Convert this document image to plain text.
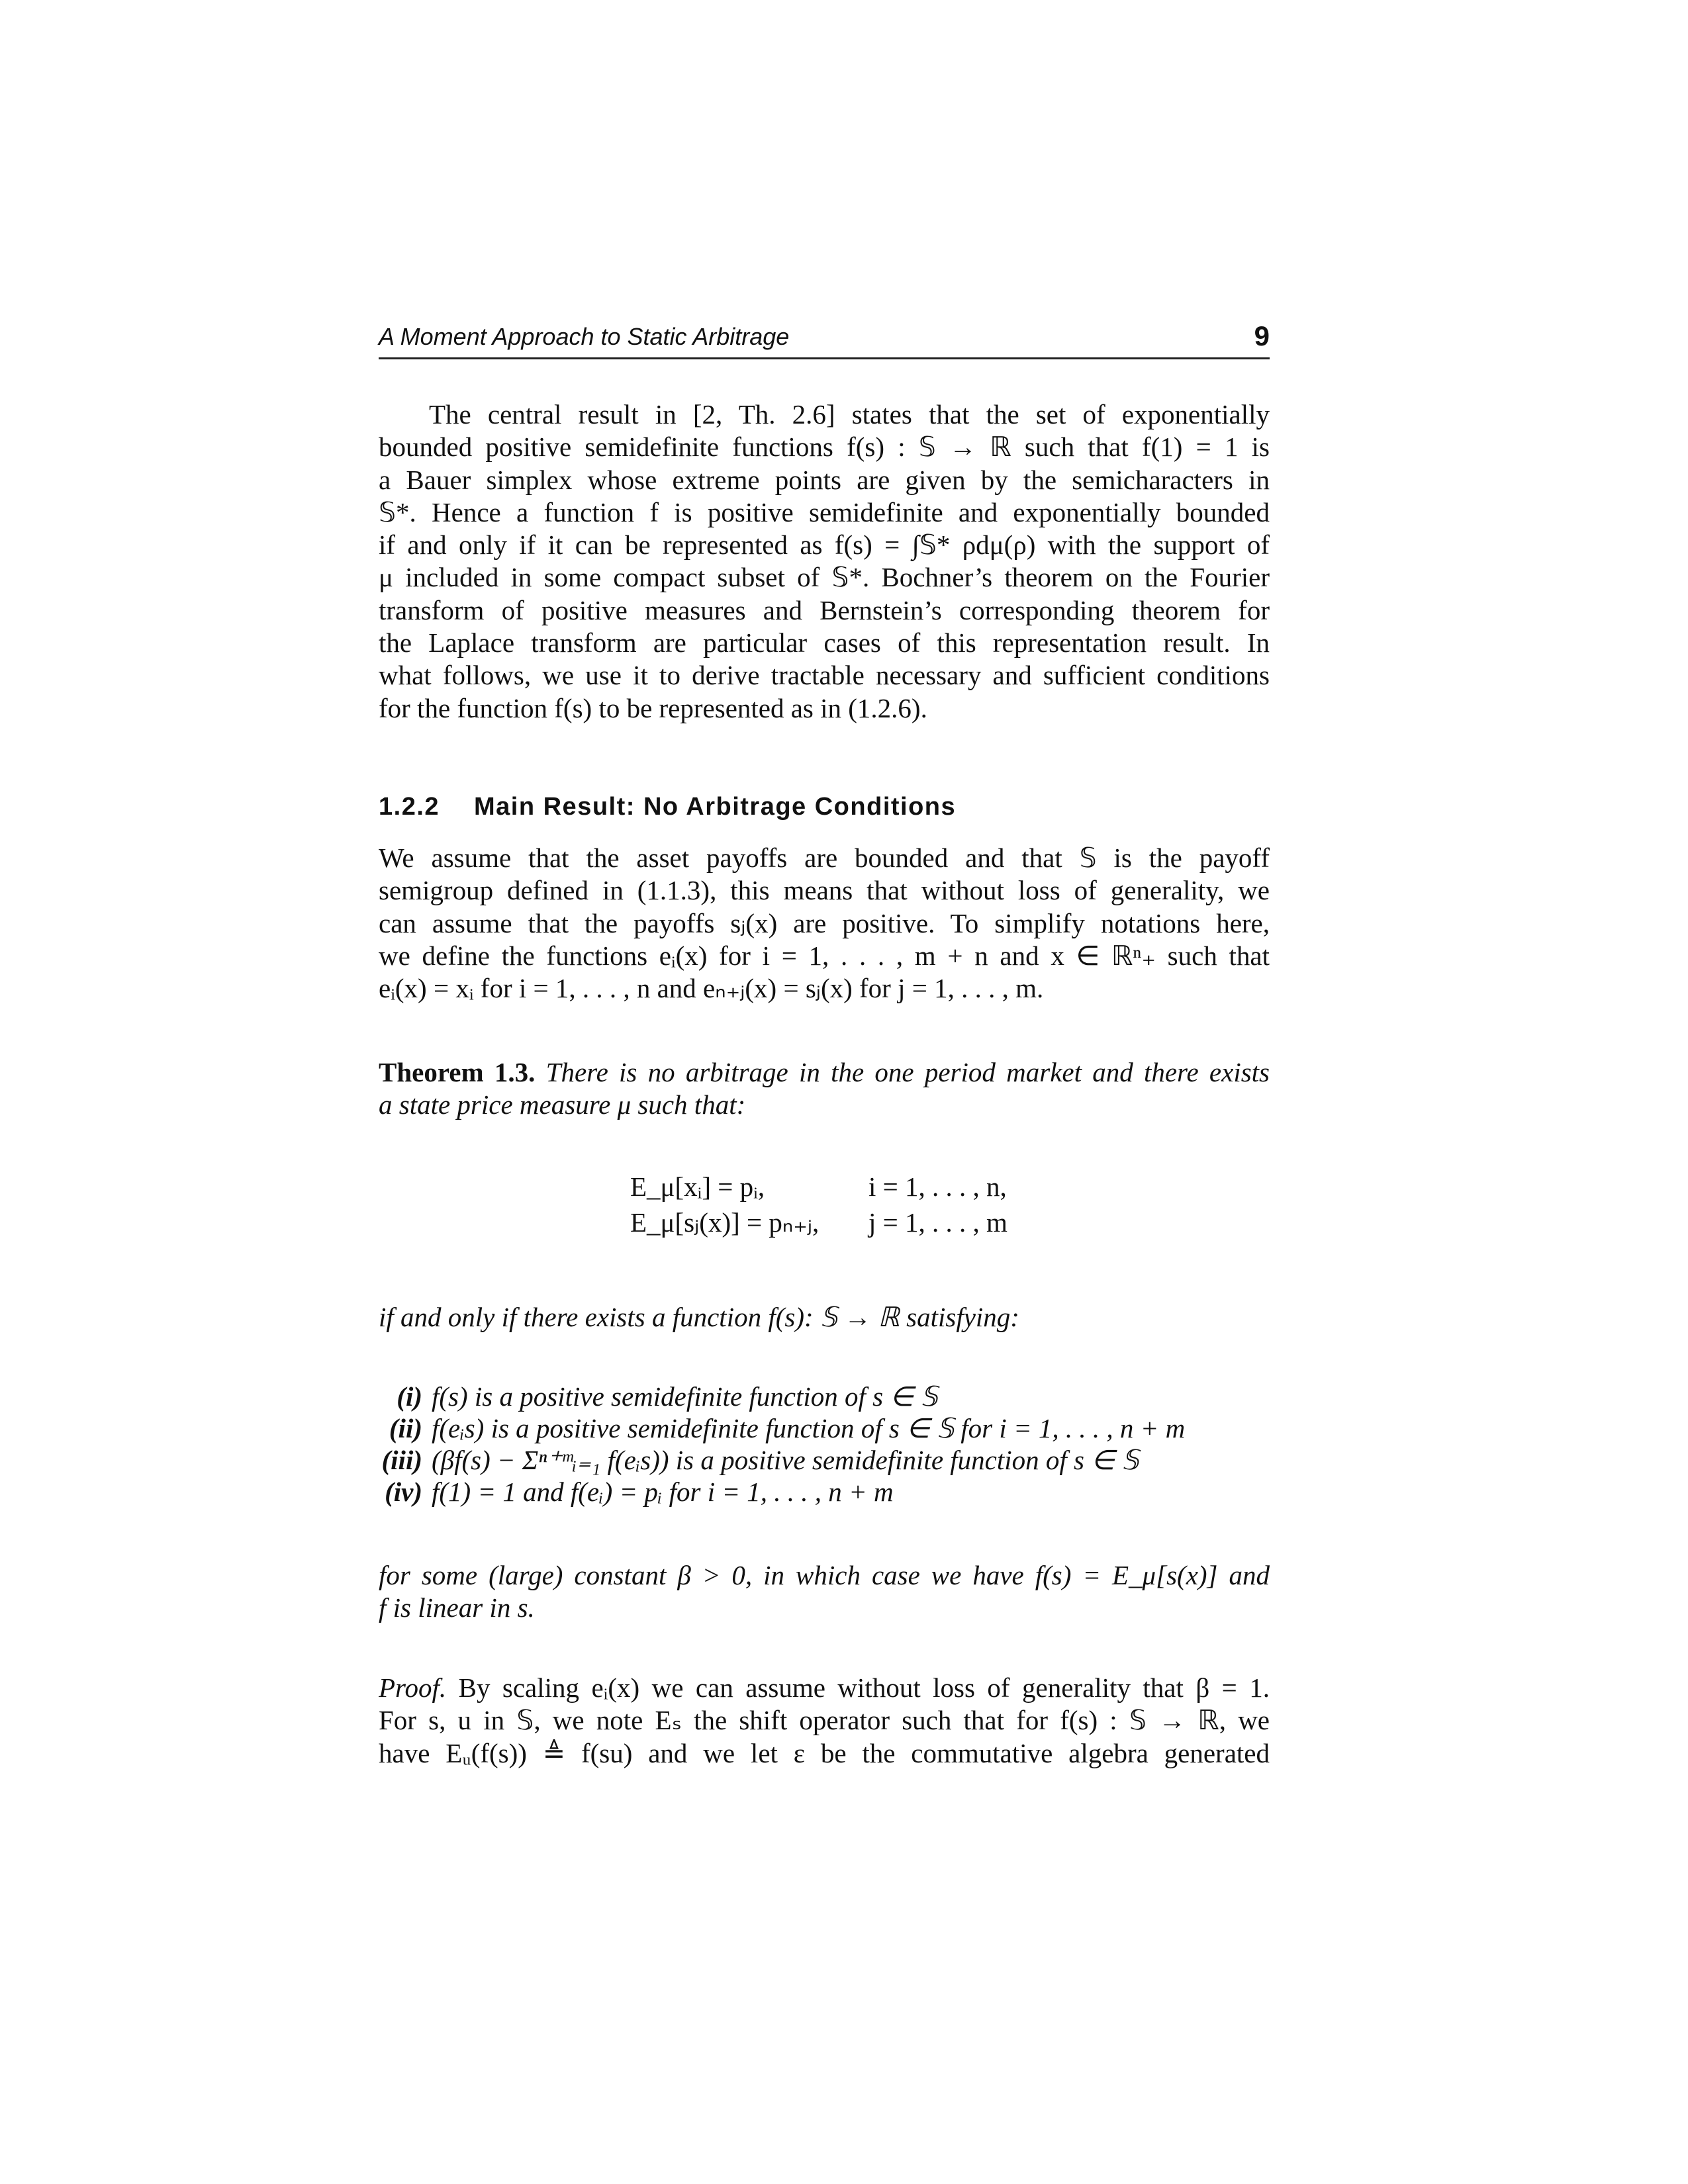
A Moment Approach to Static Arbitrage	9
The central result in [2, Th. 2.6] states that the set of exponentially
bounded positive semidefinite functions f(s) : 𝕊 → ℝ such that f(1) = 1 is
a Bauer simplex whose extreme points are given by the semicharacters in
𝕊*. Hence a function f is positive semidefinite and exponentially bounded
if and only if it can be represented as f(s) = ∫𝕊* ρdμ(ρ) with the support of
μ included in some compact subset of 𝕊*. Bochner’s theorem on the Fourier
transform of positive measures and Bernstein’s corresponding theorem for
the Laplace transform are particular cases of this representation result. In
what follows, we use it to derive tractable necessary and sufficient conditions
for the function f(s) to be represented as in (1.2.6).
1.2.2 Main Result: No Arbitrage Conditions
We assume that the asset payoffs are bounded and that 𝕊 is the payoff
semigroup defined in (1.1.3), this means that without loss of generality, we
can assume that the payoffs sⱼ(x) are positive. To simplify notations here,
we define the functions eᵢ(x) for i = 1, . . . , m + n and x ∈ ℝⁿ₊ such that
eᵢ(x) = xᵢ for i = 1, . . . , n and eₙ₊ⱼ(x) = sⱼ(x) for j = 1, . . . , m.
Theorem 1.3. There is no arbitrage in the one period market and there exists
a state price measure μ such that:
E_μ[xᵢ] = pᵢ,	i = 1, . . . , n,
E_μ[sⱼ(x)] = pₙ₊ⱼ, j = 1, . . . , m
if and only if there exists a function f(s): 𝕊 → ℝ satisfying:
(i) f(s) is a positive semidefinite function of s ∈ 𝕊
(ii) f(eᵢs) is a positive semidefinite function of s ∈ 𝕊 for i = 1, . . . , n + m
(iii) (βf(s) − Σⁿ⁺ᵐᵢ₌₁ f(eᵢs)) is a positive semidefinite function of s ∈ 𝕊
(iv) f(1) = 1 and f(eᵢ) = pᵢ for i = 1, . . . , n + m
for some (large) constant β > 0, in which case we have f(s) = E_μ[s(x)] and
f is linear in s.
Proof. By scaling eᵢ(x) we can assume without loss of generality that β = 1.
For s, u in 𝕊, we note Eₛ the shift operator such that for f(s) : 𝕊 → ℝ, we
have Eᵤ(f(s)) ≜ f(su) and we let ε be the commutative algebra generated
